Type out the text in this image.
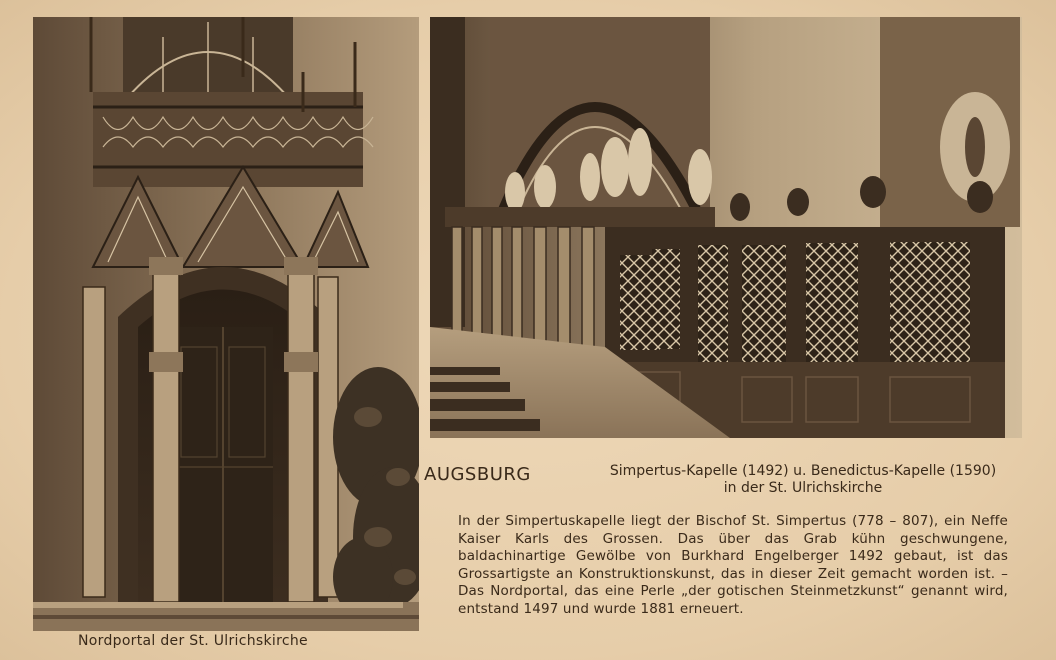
Nordportal der St. Ulrichskirche
AUGSBURG	Simpertus-Kapelle (1492) u. Benedictus-Kapelle (1590)
in der St. Ulrichskirche
In der Simpertuskapelle liegt der Bischof St. Simpertus (778 – 807), ein Neffe Kaiser Karls des Grossen. Das über das Grab kühn geschwungene, baldachinartige Gewölbe von Burkhard Engelberger 1492 gebaut, ist das Grossartigste an Konstruktionskunst, das in dieser Zeit gemacht worden ist. – Das Nordportal, das eine Perle „der gotischen Steinmetzkunst“ genannt wird, entstand 1497 und wurde 1881 erneuert.
